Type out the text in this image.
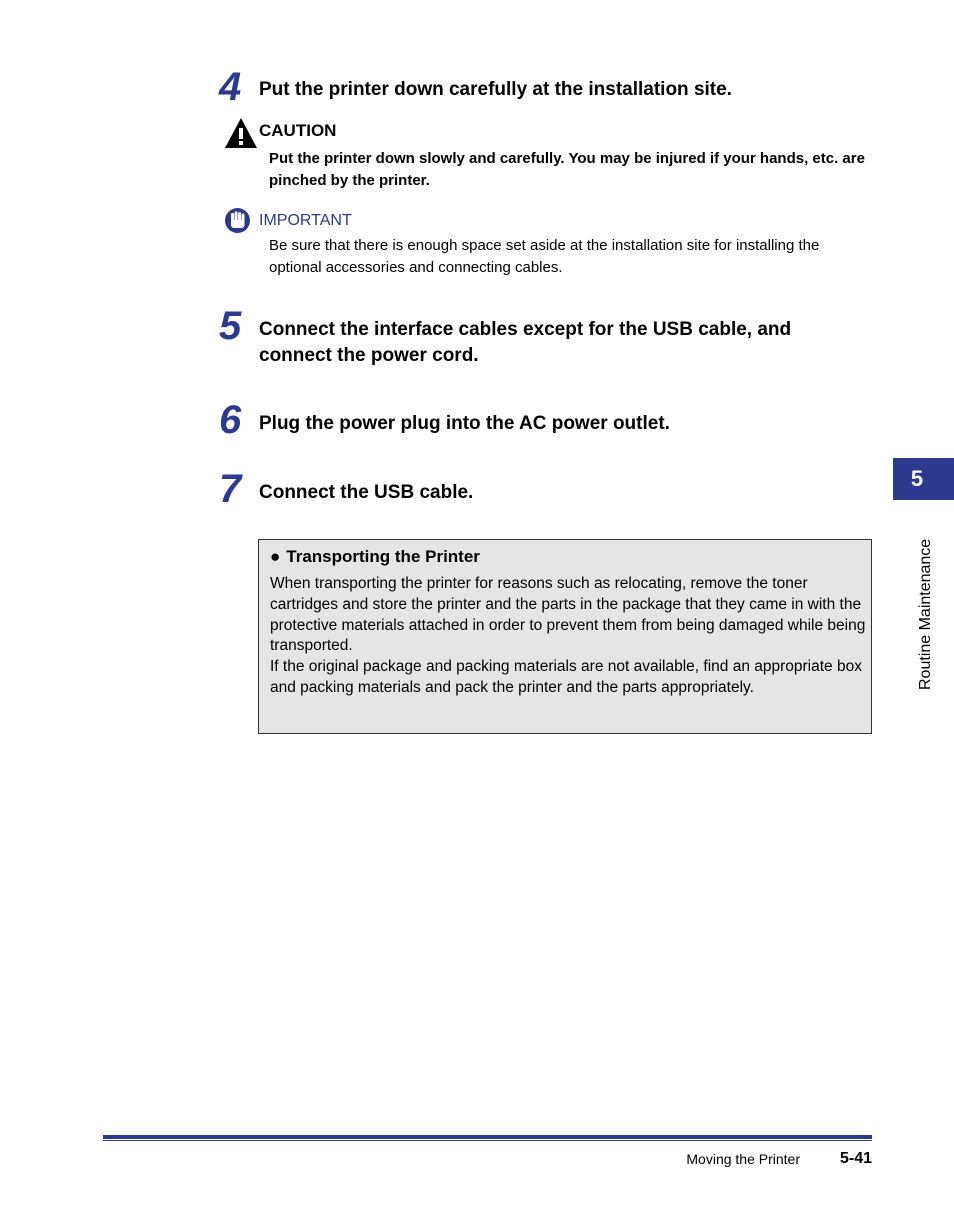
4 Put the printer down carefully at the installation site.
CAUTION
Put the printer down slowly and carefully. You may be injured if your hands, etc. are pinched by the printer.
IMPORTANT
Be sure that there is enough space set aside at the installation site for installing the optional accessories and connecting cables.
5 Connect the interface cables except for the USB cable, and connect the power cord.
6 Plug the power plug into the AC power outlet.
7 Connect the USB cable.
● Transporting the Printer
When transporting the printer for reasons such as relocating, remove the toner cartridges and store the printer and the parts in the package that they came in with the protective materials attached in order to prevent them from being damaged while being transported.
If the original package and packing materials are not available, find an appropriate box and packing materials and pack the printer and the parts appropriately.
5
Routine Maintenance
Moving the Printer	5-41
